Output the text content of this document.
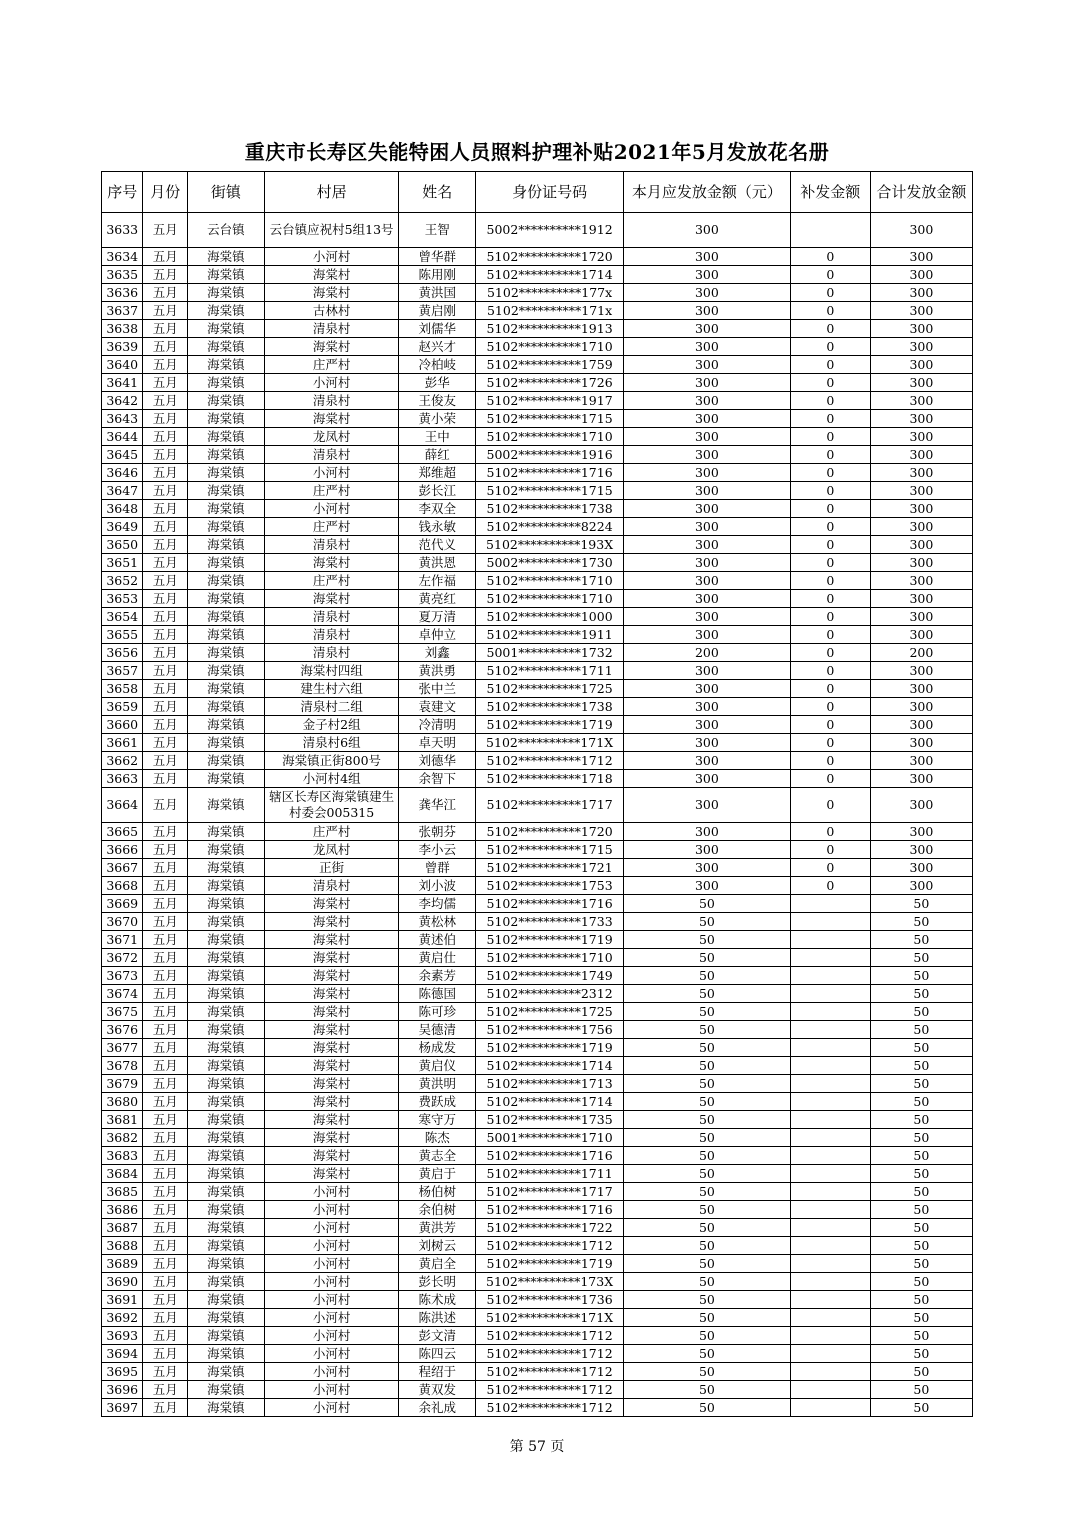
重庆市长寿区失能特困人员照料护理补贴2021年5月发放花名册
序号	月份	街镇	村居	姓名	身份证号码	本月应发放金额（元）	补发金额	合计发放金额
3633	五月	云台镇	云台镇应祝村5组13号	王智	5002**********1912	300		300
3634	五月	海棠镇	小河村	曾华群	5102**********1720	300	0	300
3635	五月	海棠镇	海棠村	陈用刚	5102**********1714	300	0	300
3636	五月	海棠镇	海棠村	黄洪国	5102**********177x	300	0	300
3637	五月	海棠镇	古林村	黄启刚	5102**********171x	300	0	300
3638	五月	海棠镇	清泉村	刘儒华	5102**********1913	300	0	300
3639	五月	海棠镇	海棠村	赵兴才	5102**********1710	300	0	300
3640	五月	海棠镇	庄严村	冷柏岐	5102**********1759	300	0	300
3641	五月	海棠镇	小河村	彭华	5102**********1726	300	0	300
3642	五月	海棠镇	清泉村	王俊友	5102**********1917	300	0	300
3643	五月	海棠镇	海棠村	黄小荣	5102**********1715	300	0	300
3644	五月	海棠镇	龙凤村	王中	5102**********1710	300	0	300
3645	五月	海棠镇	清泉村	薛红	5002**********1916	300	0	300
3646	五月	海棠镇	小河村	郑维超	5102**********1716	300	0	300
3647	五月	海棠镇	庄严村	彭长江	5102**********1715	300	0	300
3648	五月	海棠镇	小河村	李双全	5102**********1738	300	0	300
3649	五月	海棠镇	庄严村	钱永敏	5102**********8224	300	0	300
3650	五月	海棠镇	清泉村	范代义	5102**********193X	300	0	300
3651	五月	海棠镇	海棠村	黄洪恩	5002**********1730	300	0	300
3652	五月	海棠镇	庄严村	左作福	5102**********1710	300	0	300
3653	五月	海棠镇	海棠村	黄亮红	5102**********1710	300	0	300
3654	五月	海棠镇	清泉村	夏万清	5102**********1000	300	0	300
3655	五月	海棠镇	清泉村	卓仲立	5102**********1911	300	0	300
3656	五月	海棠镇	清泉村	刘鑫	5001**********1732	200	0	200
3657	五月	海棠镇	海棠村四组	黄洪勇	5102**********1711	300	0	300
3658	五月	海棠镇	建生村六组	张中兰	5102**********1725	300	0	300
3659	五月	海棠镇	清泉村二组	袁建文	5102**********1738	300	0	300
3660	五月	海棠镇	金子村2组	冷清明	5102**********1719	300	0	300
3661	五月	海棠镇	清泉村6组	卓天明	5102**********171X	300	0	300
3662	五月	海棠镇	海棠镇正街800号	刘德华	5102**********1712	300	0	300
3663	五月	海棠镇	小河村4组	余智下	5102**********1718	300	0	300
3664	五月	海棠镇	辖区长寿区海棠镇建生村委会005315	龚华江	5102**********1717	300	0	300
3665	五月	海棠镇	庄严村	张朝芬	5102**********1720	300	0	300
3666	五月	海棠镇	龙凤村	李小云	5102**********1715	300	0	300
3667	五月	海棠镇	正街	曾群	5102**********1721	300	0	300
3668	五月	海棠镇	清泉村	刘小波	5102**********1753	300	0	300
3669	五月	海棠镇	海棠村	李均儒	5102**********1716	50		50
3670	五月	海棠镇	海棠村	黄松林	5102**********1733	50		50
3671	五月	海棠镇	海棠村	黄述伯	5102**********1719	50		50
3672	五月	海棠镇	海棠村	黄启仕	5102**********1710	50		50
3673	五月	海棠镇	海棠村	余素芳	5102**********1749	50		50
3674	五月	海棠镇	海棠村	陈德国	5102**********2312	50		50
3675	五月	海棠镇	海棠村	陈可珍	5102**********1725	50		50
3676	五月	海棠镇	海棠村	吴德清	5102**********1756	50		50
3677	五月	海棠镇	海棠村	杨成发	5102**********1719	50		50
3678	五月	海棠镇	海棠村	黄启仪	5102**********1714	50		50
3679	五月	海棠镇	海棠村	黄洪明	5102**********1713	50		50
3680	五月	海棠镇	海棠村	费跃成	5102**********1714	50		50
3681	五月	海棠镇	海棠村	寒守万	5102**********1735	50		50
3682	五月	海棠镇	海棠村	陈杰	5001**********1710	50		50
3683	五月	海棠镇	海棠村	黄志全	5102**********1716	50		50
3684	五月	海棠镇	海棠村	黄启于	5102**********1711	50		50
3685	五月	海棠镇	小河村	杨伯树	5102**********1717	50		50
3686	五月	海棠镇	小河村	余伯树	5102**********1716	50		50
3687	五月	海棠镇	小河村	黄洪芳	5102**********1722	50		50
3688	五月	海棠镇	小河村	刘树云	5102**********1712	50		50
3689	五月	海棠镇	小河村	黄启全	5102**********1719	50		50
3690	五月	海棠镇	小河村	彭长明	5102**********173X	50		50
3691	五月	海棠镇	小河村	陈术成	5102**********1736	50		50
3692	五月	海棠镇	小河村	陈洪述	5102**********171X	50		50
3693	五月	海棠镇	小河村	彭文清	5102**********1712	50		50
3694	五月	海棠镇	小河村	陈四云	5102**********1712	50		50
3695	五月	海棠镇	小河村	程绍于	5102**********1712	50		50
3696	五月	海棠镇	小河村	黄双发	5102**********1712	50		50
3697	五月	海棠镇	小河村	余礼成	5102**********1712	50		50
第 57 页
